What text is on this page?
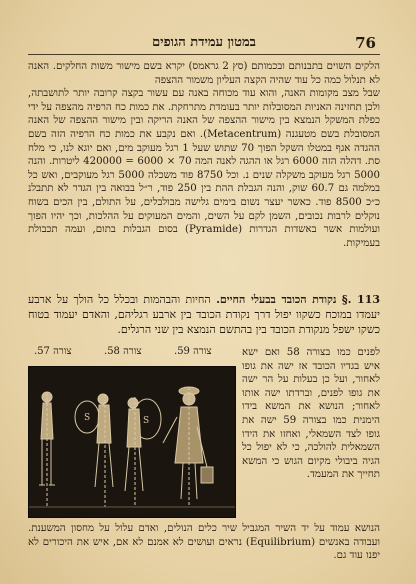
במטון עמידת הגופים	76

הלקים השוים בתבנותם ובכמותם (סץ 2 גראמס) יקרא בשם מישור משות החלקים. האנה לא תנלול כמה כל עוד שהיה הקצה העליון משמור ההצפה

שבל מצב מקומות האנה, והוא עוד מכוחה באנה עם עשור בקצה קרובה יותר לתושבתה, ולכן תחזינה האניות המסובלות יותר בעומדת מתרחקת. את כמות כח הרפיה מהצפה על ידי כפלת המשקל הנמצא בין מישור ההצפה של האנה הריקה ובין מישור ההצפה של האנה המסובלת בשם מטעגנה (Metacentrum). ואם נקבע את כמות כח הרפיה הזה בשם ההגדה אגף במטלו השקל הפוך 70 שתוש שעל 1 רגל מעוקב מים, ואם יוגא לנו, כי מלח סת. דהלה הזה 6000 רגל או ההגה לאנה המה 70 × 6000 = 420000 ליטרות. והנה 5000 רגל מעוקב משקלה שנים נ. וכל 8750 פוד משכלה 5000 רגל מעוקבים, ואש כל במלמה גם 60.7 שוק, והנה הגבלת ההת בין 250 פוד, ר״ל בבואה בין הגדר לא תתבלנ כ״כ 8500 פוד. כאשר יעצר נשום בימים גלישה מבולבלים, על התולם, בין הכים בשוח נוקלים לרבות נכובים, השמן לקם על השים, והמים המעוקים על ההלכות, וכך יהיו הפוך ועולמות אשר באשדות הגדרות (Pyramide) בסום הגבלות בתום, ועמה תכבולת בעמיקות.

113 .§ נקודת הכובד בבעלי החיים. החיות והבהמות ובכלל כל הולך על ארבע יעמדו במוכח כשקוו יפול דרך נקודת הכובד בין ארבע רגליהם, והאדם יעמוד בטוח כשקו ישפל מנקודת הכובד בין בהתשם הנמצא בין שני הרגלים.
צורה 57.	צורה 58.	צורה 59.
S	S
לפנים כמו בצורה 58 ואם ישא איש בגדיו הכובד אז ישה את גופו לאחור, ועל כן בעלות על הר ישה את גופו לפנים, וברדתו ישה אותו לאחור; הנושא את המשא בידו הימנית כמו בצורה 59 ישה את גופו לצד השמאלי, ואחזו את הידו השמאלית להולכה, כי לא יפול כל הגיה ביבולי מקיום הגוש כי המשא תחייך את המעמד.
הנושא עמוד על יד השיר המגביל שיר כלים הנולים, ואדם עלול על מחסון המשענת. ועבודה באנשים (Equilibrium) נראים ועושים לא אמנם לא אם, איש את היכורים לא יפנו עוד גם.
